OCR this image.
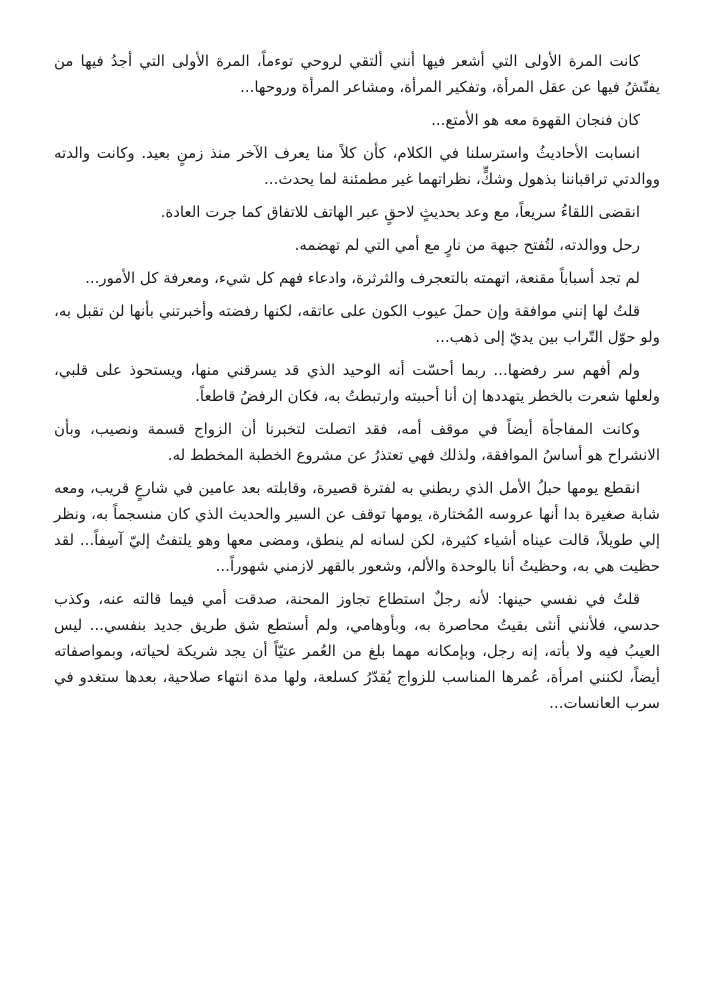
كانت المرة الأولى التي أشعر فيها أنني ألتقي لروحي توءماً، المرة الأولى التي أجدُ فيها من يفتّشُ فيها عن عقل المرأة، وتفكير المرأة، ومشاعر المرأة وروحها...

كان فنجان القهوة معه هو الأمتع...

انسابت الأحاديثُ واسترسلنا في الكلام، كأن كلاً منا يعرف الآخر منذ زمنٍ بعيد. وكانت والدته ووالدتي تراقباننا بذهول وشكٍّ، نظراتهما غير مطمئنة لما يحدث...

انقضى اللقاءُ سريعاً، مع وعد بحديثٍ لاحقٍ عبر الهاتف للاتفاق كما جرت العادة.

رحل ووالدته، لتُفتح جبهة من نارٍ مع أمي التي لم تهضمه.

لم تجد أسباباً مقنعة، اتهمته بالتعجرف والثرثرة، وادعاء فهم كل شيء، ومعرفة كل الأمور...

قلتُ لها إنني موافقة وإن حملَ عيوب الكون على عاتقه، لكنها رفضته وأخبرتني بأنها لن تقبل به، ولو حوّل التّراب بين يديّ إلى ذهب...

ولم أفهم سر رفضها... ربما أحسّت أنه الوحيد الذي قد يسرقني منها، ويستحوذ على قلبي، ولعلها شعرت بالخطر يتهددها إن أنا أحببته وارتبطتُ به، فكان الرفضُ قاطعاً.

وكانت المفاجأة أيضاً في موقف أمه، فقد اتصلت لتخبرنا أن الزواج قسمة ونصيب، وبأن الانشراح هو أساسُ الموافقة، ولذلك فهي تعتذرُ عن مشروع الخطبة المخطط له.

انقطع يومها حبلُ الأمل الذي ربطني به لفترة قصيرة، وقابلته بعد عامين في شارعٍ قريب، ومعه شابة صغيرة بدا أنها عروسه المُختارة، يومها توقف عن السير والحديث الذي كان منسجماً به، ونظر إلي طويلاً، قالت عيناه أشياء كثيرة، لكن لسانه لم ينطق، ومضى معها وهو يلتفتُ إليّ آسِفاً... لقد حظيت هي به، وحظيتُ أنا بالوحدة والألم، وشعور بالقهر لازمني شهوراً...

قلتُ في نفسي حينها: لأنه رجلٌ استطاع تجاوز المحنة، صدقت أمي فيما قالته عنه، وكذب حدسي، فلأنني أنثى بقيتُ محاصرة به، وبأوهامي، ولم أستطع شق طريق جديد بنفسي... ليس العيبُ فيه ولا بأته، إنه رجل، وبإمكانه مهما بلغ من العُمر عتيّاً أن يجد شريكة لحياته، وبمواصفاته أيضاً، لكنني امرأة، عُمرها المناسب للزواج يُقدّرُ كسلعة، ولها مدة انتهاء صلاحية، بعدها ستغدو في سرب العانسات...
